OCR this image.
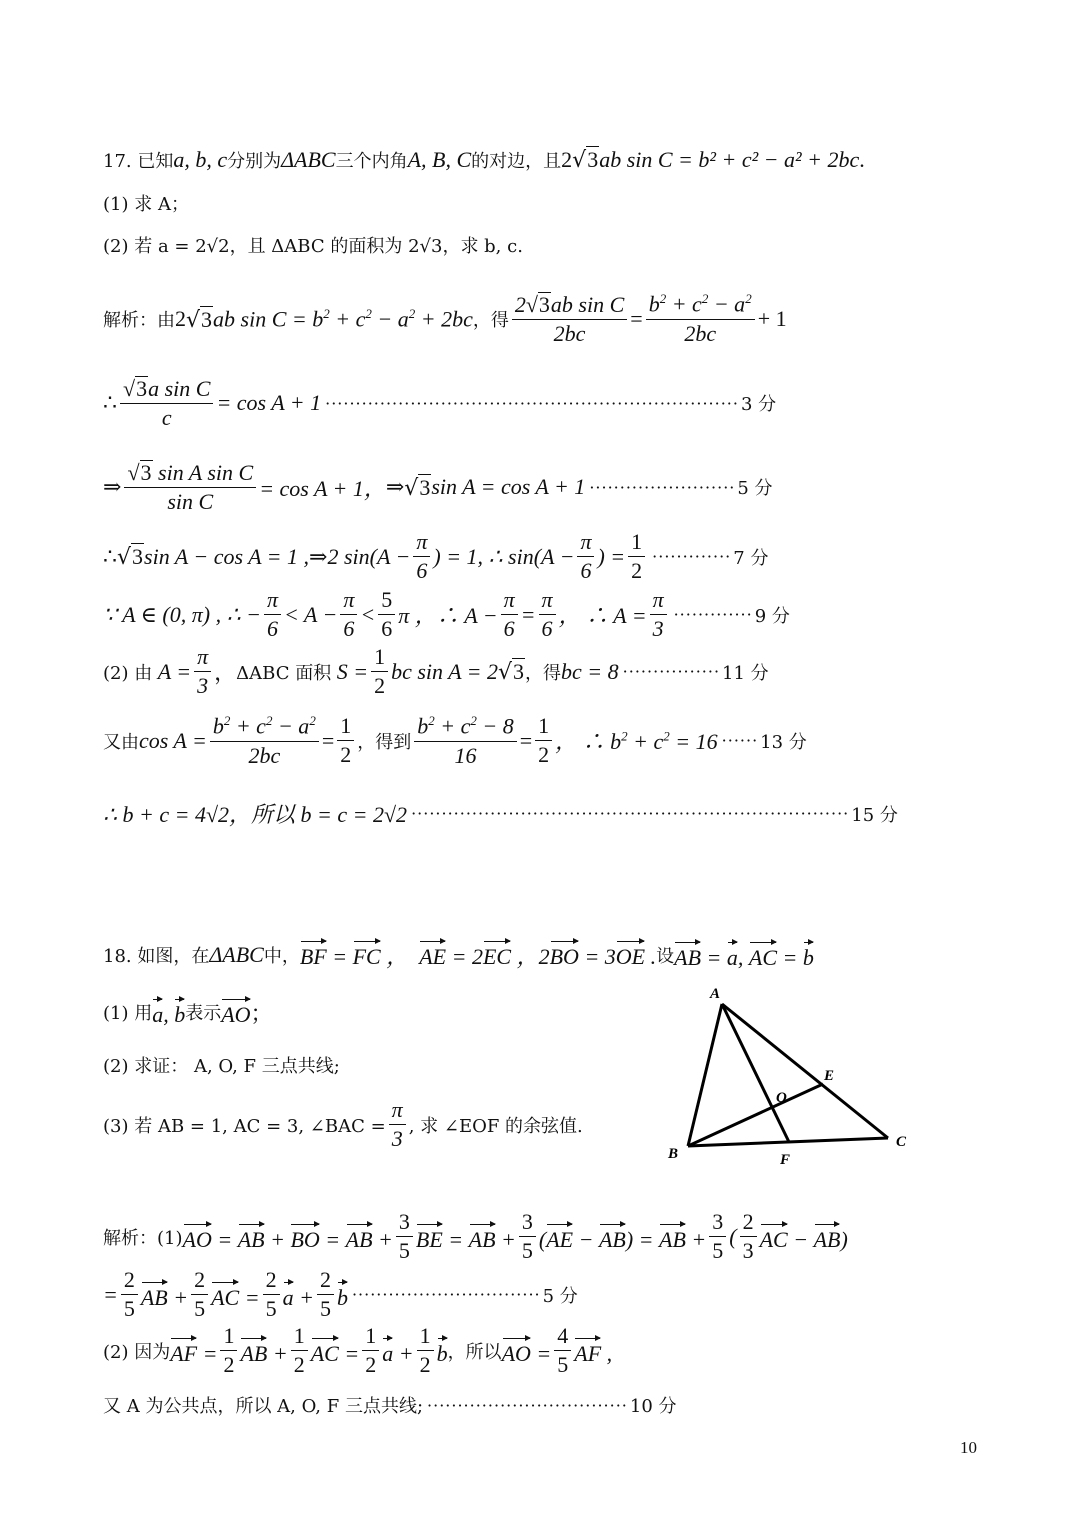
17. 已知 a, b, c 分别为 ΔABC 三个内角 A, B, C 的对边，且 2 √ 3 ab sin C = b² + c² − a² + 2bc .
(1) 求 A；
(2) 若 a = 2√2，且 ΔABC 的面积为 2√3，求 b, c.
解析：由 2 √ 3 ab $\sin C = b^2 + c^2 - a^2 + 2bc$ ，得 $\frac{\text{2 √ 3 ab sin C}}{2bc} = \frac{b^2 + c^2 - a^2}{2bc} + 1$
∴ $\frac{\text{√ 3 a sin C}}{c} = \cos A + 1$ ···································································· 3 分
⇒ $\frac{\text{√ 3 sin A sin C}}{\text{sin C}} = \cos A + 1$， ⇒ √ 3 sin A = cos A + 1 ························ 5 分
∴ √ 3 sin A − cos A = 1 , ⇒ 2 $\sin(A - \frac{\pi}{6}$ ) = 1, ∴ $\sin(A - \frac{\pi}{6}$ ) = $\frac{1}{2}$ ············· 7 分
∵ A ∈ (0, π) , ∴ − $\frac{\pi}{6} < A - \frac{\pi}{6} < \frac{5}{6}$ π ，∴ $A - \frac{\pi}{6} = \frac{\pi}{6}$ ， ∴ $A = \frac{\pi}{3}$ ············· 9 分
(2) 由 $A = \frac{\pi}{3}$ ， ΔABC 面积 $S = \frac{1}{2}$ bc sin A = 2 √ 3 ，得 bc = 8 ················ 11 分
又由 $\cos A = \frac{b^2 + c^2 - a^2}{2bc} = \frac{1}{2}$ ，得到 $\frac{b^2 + c^2 - 8}{16} = \frac{1}{2}$ ， ∴ $b^2 + c^2 = 16$ ······ 13 分
∴ b + c = 4√2，所以 b = c = 2√2 ········································································ 15 分
18. 如图，在 ΔABC 中， BF = FC ，  AE = 2EC ，2BO = 3OE . 设 AB = a, AC = b
(1) 用 a, b 表示 AO ；
(2) 求证： A, O, F 三点共线;
(3) 若 AB = 1, AC = 3, ∠BAC = $\frac{\pi}{3}$ , 求 ∠EOF 的余弦值.
A
B
C
E
F
O
解析：(1) AO = AB + BO = AB + $\frac{3}{5}$ BE = AB + $\frac{3}{5} (AE - AB)$ = AB + $\frac{3}{5}$ ( $\frac{2}{3}$ AC − AB)
= $\frac{2}{5}$ AB + $\frac{2}{5}$ AC = $\frac{2}{5}$ $a + \frac{2}{5}$ b ······························· 5 分
(2) 因为 AF = $\frac{1}{2}$ AB + $\frac{1}{2}$ AC = $\frac{1}{2}$ $a + \frac{1}{2}$ b ，所以 AO = $\frac{4}{5}$ AF ,
又 A 为公共点，所以 A, O, F 三点共线; ································· 10 分
10
